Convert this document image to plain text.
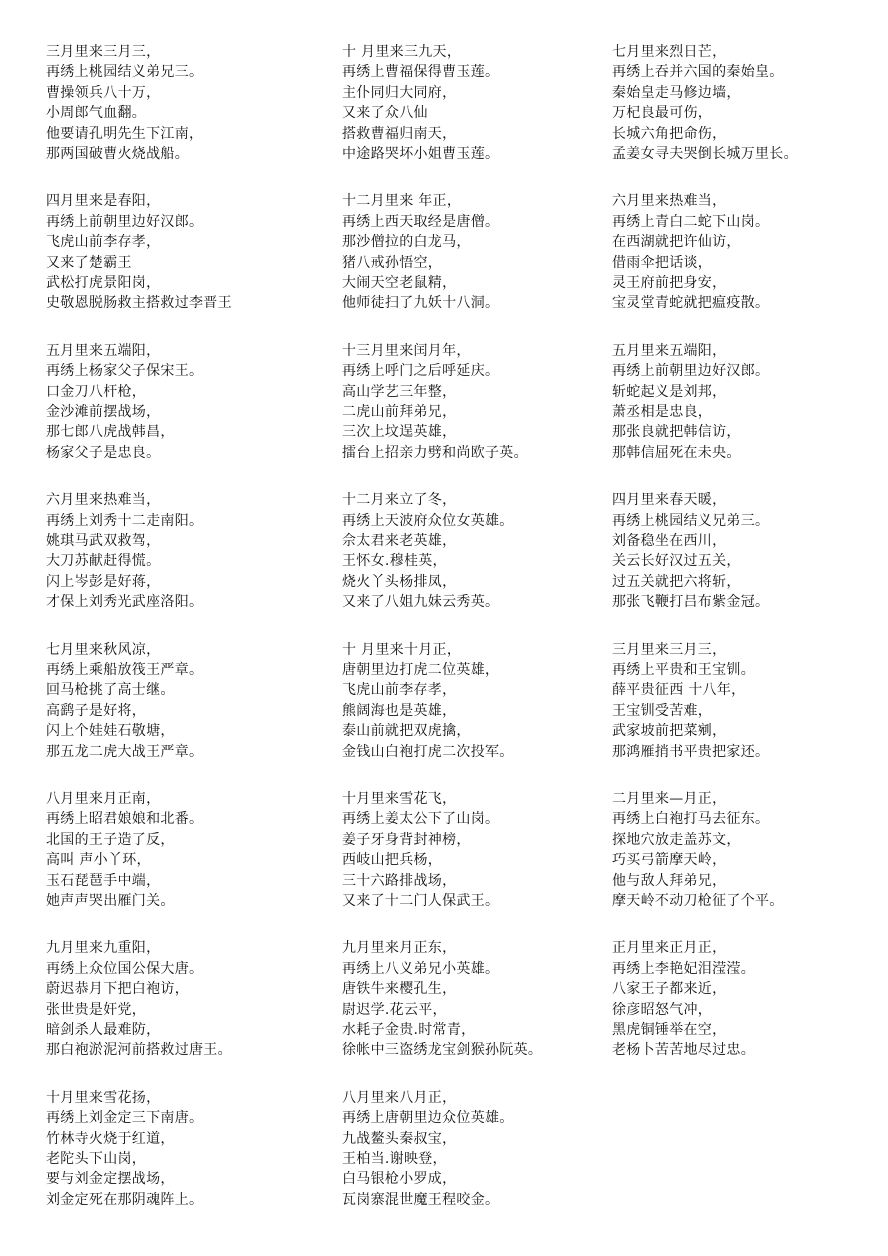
三月里来三月三，
再绣上桃园结义弟兄三。
曹操领兵八十万，
小周郎气血翻。
他要请孔明先生下江南，
那两国破曹火烧战船。
四月里来是春阳，
再绣上前朝里边好汉郎。
飞虎山前李存孝，
又来了楚霸王
武松打虎景阳岗，
史敬恩脱肠救主搭救过李晋王
五月里来五端阳，
再绣上杨家父子保宋王。
口金刀八杆枪，
金沙滩前摆战场，
那七郎八虎战韩昌，
杨家父子是忠良。
六月里来热难当，
再绣上刘秀十二走南阳。
姚琪马武双救驾，
大刀苏献赶得慌。
闪上岑彭是好蒋，
才保上刘秀光武座洛阳。
七月里来秋风凉，
再绣上乘船放筏王严章。
回马枪挑了高士继。
高鹞子是好将，
闪上个娃娃石敬塘，
那五龙二虎大战王严章。
八月里来月正南，
再绣上昭君娘娘和北番。
北国的王子造了反，
高叫 声小丫环，
玉石琵琶手中端，
她声声哭出雁门关。
九月里来九重阳，
再绣上众位国公保大唐。
蔚迟恭月下把白袍访，
张世贵是奸党，
暗剑杀人最难防，
那白袍淤泥河前搭救过唐王。
十月里来雪花扬，
再绣上刘金定三下南唐。
竹林寺火烧于红道，
老陀头下山岗，
要与刘金定摆战场，
刘金定死在那阴魂阵上。
十 月里来三九天，
再绣上曹福保得曹玉莲。
主仆同归大同府，
又来了众八仙
搭救曹福归南天，
中途路哭坏小姐曹玉莲。
十二月里来 年正，
再绣上西天取经是唐僧。
那沙僧拉的白龙马，
猪八戒孙悟空，
大闹天空老鼠精，
他师徒扫了九妖十八洞。
十三月里来闰月年，
再绣上呼门之后呼延庆。
高山学艺三年整，
二虎山前拜弟兄，
三次上坟逞英雄，
擂台上招亲力劈和尚欧子英。
十二月来立了冬，
再绣上天波府众位女英雄。
佘太君来老英雄，
王怀女.穆桂英，
烧火丫头杨排凤，
又来了八姐九妹云秀英。
十 月里来十月正，
唐朝里边打虎二位英雄，
飞虎山前李存孝，
熊阔海也是英雄，
泰山前就把双虎擒，
金钱山白袍打虎二次投军。
十月里来雪花飞，
再绣上姜太公下了山岗。
姜子牙身背封神榜，
西岐山把兵杨，
三十六路排战场，
又来了十二门人保武王。
九月里来月正东，
再绣上八义弟兄小英雄。
唐铁牛来樱孔生，
尉迟学.花云平，
水耗子金贵.时常青，
徐帐中三盗绣龙宝剑猴孙阮英。
八月里来八月正，
再绣上唐朝里边众位英雄。
九战鳌头秦叔宝，
王柏当.谢映登，
白马银枪小罗成，
瓦岗寨混世魔王程咬金。
七月里来烈日芒，
再绣上吞并六国的秦始皇。
秦始皇走马修边墙，
万杞良最可伤，
长城六角把命伤，
孟姜女寻夫哭倒长城万里长。
六月里来热难当，
再绣上青白二蛇下山岗。
在西湖就把许仙访，
借雨伞把话谈，
灵王府前把身安，
宝灵堂青蛇就把瘟疫散。
五月里来五端阳，
再绣上前朝里边好汉郎。
斩蛇起义是刘邦，
萧丞相是忠良，
那张良就把韩信访，
那韩信屈死在未央。
四月里来春天暖，
再绣上桃园结义兄弟三。
刘备稳坐在西川，
关云长好汉过五关，
过五关就把六将斩，
那张飞鞭打吕布紫金冠。
三月里来三月三，
再绣上平贵和王宝钏。
薛平贵征西 十八年，
王宝钏受苦难，
武家坡前把菜剜，
那鸿雁捎书平贵把家还。
二月里来—月正，
再绣上白袍打马去征东。
探地穴放走盖苏文，
巧买弓箭摩天岭，
他与敌人拜弟兄，
摩天岭不动刀枪征了个平。
正月里来正月正，
再绣上李艳妃泪滢滢。
八家王子都来近，
徐彦昭怒气冲，
黑虎铜锤举在空，
老杨卜苦苦地尽过忠。
